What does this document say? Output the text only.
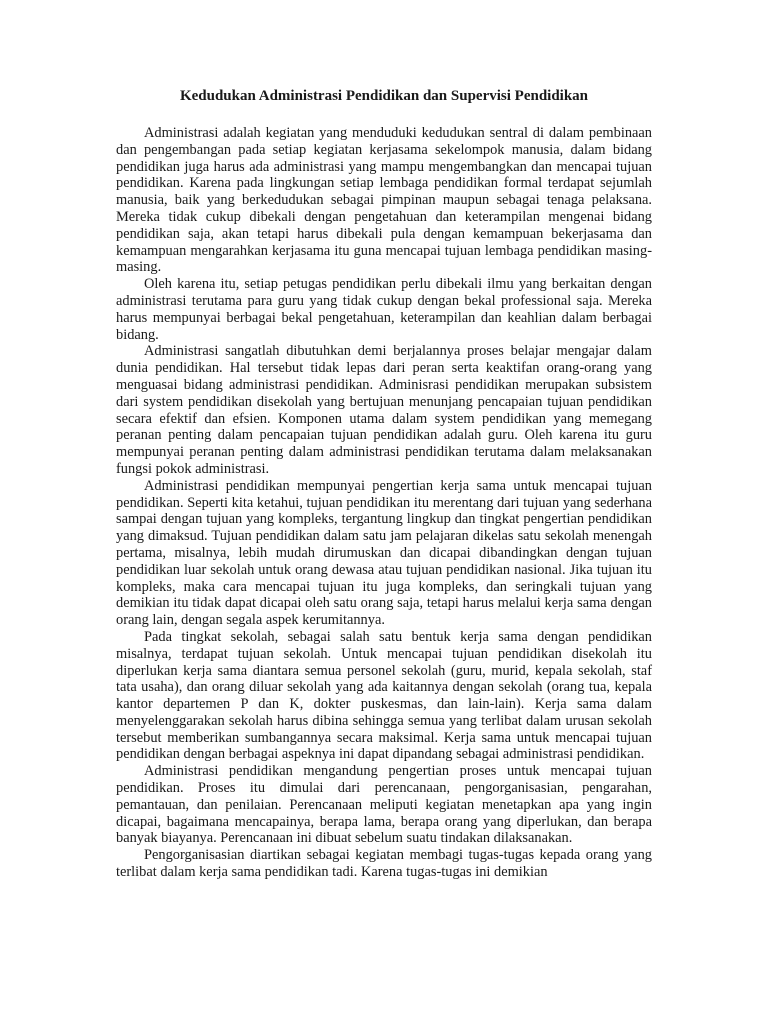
Kedudukan Administrasi Pendidikan dan Supervisi Pendidikan

Administrasi adalah kegiatan yang menduduki kedudukan sentral di dalam pembinaan dan pengembangan pada setiap kegiatan kerjasama sekelompok manusia, dalam bidang pendidikan juga harus ada administrasi yang mampu mengembangkan dan mencapai tujuan pendidikan. Karena pada lingkungan setiap lembaga pendidikan formal terdapat sejumlah manusia, baik yang berkedudukan sebagai pimpinan maupun sebagai tenaga pelaksana. Mereka tidak cukup dibekali dengan pengetahuan dan keterampilan mengenai bidang pendidikan saja, akan tetapi harus dibekali pula dengan kemampuan bekerjasama dan kemampuan mengarahkan kerjasama itu guna mencapai tujuan lembaga pendidikan masing-masing.

Oleh karena itu, setiap petugas pendidikan perlu dibekali ilmu yang berkaitan dengan administrasi terutama para guru yang tidak cukup dengan bekal professional saja. Mereka harus mempunyai berbagai bekal pengetahuan, keterampilan dan keahlian dalam berbagai bidang.

Administrasi sangatlah dibutuhkan demi berjalannya proses belajar mengajar dalam dunia pendidikan. Hal tersebut tidak lepas dari peran serta keaktifan orang-orang yang menguasai bidang administrasi pendidikan. Adminisrasi pendidikan merupakan subsistem dari system pendidikan disekolah yang bertujuan menunjang pencapaian tujuan pendidikan secara efektif dan efsien. Komponen utama dalam system pendidikan yang memegang peranan penting dalam pencapaian tujuan pendidikan adalah guru. Oleh karena itu guru mempunyai peranan penting dalam administrasi pendidikan terutama dalam melaksanakan fungsi pokok administrasi.

Administrasi pendidikan mempunyai pengertian kerja sama untuk mencapai tujuan pendidikan. Seperti kita ketahui, tujuan pendidikan itu merentang dari tujuan yang sederhana sampai dengan tujuan yang kompleks, tergantung lingkup dan tingkat pengertian pendidikan yang dimaksud. Tujuan pendidikan dalam satu jam pelajaran dikelas satu sekolah menengah pertama, misalnya, lebih mudah dirumuskan dan dicapai dibandingkan dengan tujuan pendidikan luar sekolah untuk orang dewasa atau tujuan pendidikan nasional. Jika tujuan itu kompleks, maka cara mencapai tujuan itu juga kompleks, dan seringkali tujuan yang demikian itu tidak dapat dicapai oleh satu orang saja, tetapi harus melalui kerja sama dengan orang lain, dengan segala aspek kerumitannya.

Pada tingkat sekolah, sebagai salah satu bentuk kerja sama dengan pendidikan misalnya, terdapat tujuan sekolah. Untuk mencapai tujuan pendidikan disekolah itu diperlukan kerja sama diantara semua personel sekolah (guru, murid, kepala sekolah, staf tata usaha), dan orang diluar sekolah yang ada kaitannya dengan sekolah (orang tua, kepala kantor departemen P dan K, dokter puskesmas, dan lain-lain). Kerja sama dalam menyelenggarakan sekolah harus dibina sehingga semua yang terlibat dalam urusan sekolah tersebut memberikan sumbangannya secara maksimal. Kerja sama untuk mencapai tujuan pendidikan dengan berbagai aspeknya ini dapat dipandang sebagai administrasi pendidikan.

Administrasi pendidikan mengandung pengertian proses untuk mencapai tujuan pendidikan. Proses itu dimulai dari perencanaan, pengorganisasian, pengarahan, pemantauan, dan penilaian. Perencanaan meliputi kegiatan menetapkan apa yang ingin dicapai, bagaimana mencapainya, berapa lama, berapa orang yang diperlukan, dan berapa banyak biayanya. Perencanaan ini dibuat sebelum suatu tindakan dilaksanakan.

Pengorganisasian diartikan sebagai kegiatan membagi tugas-tugas kepada orang yang terlibat dalam kerja sama pendidikan tadi. Karena tugas-tugas ini demikian
